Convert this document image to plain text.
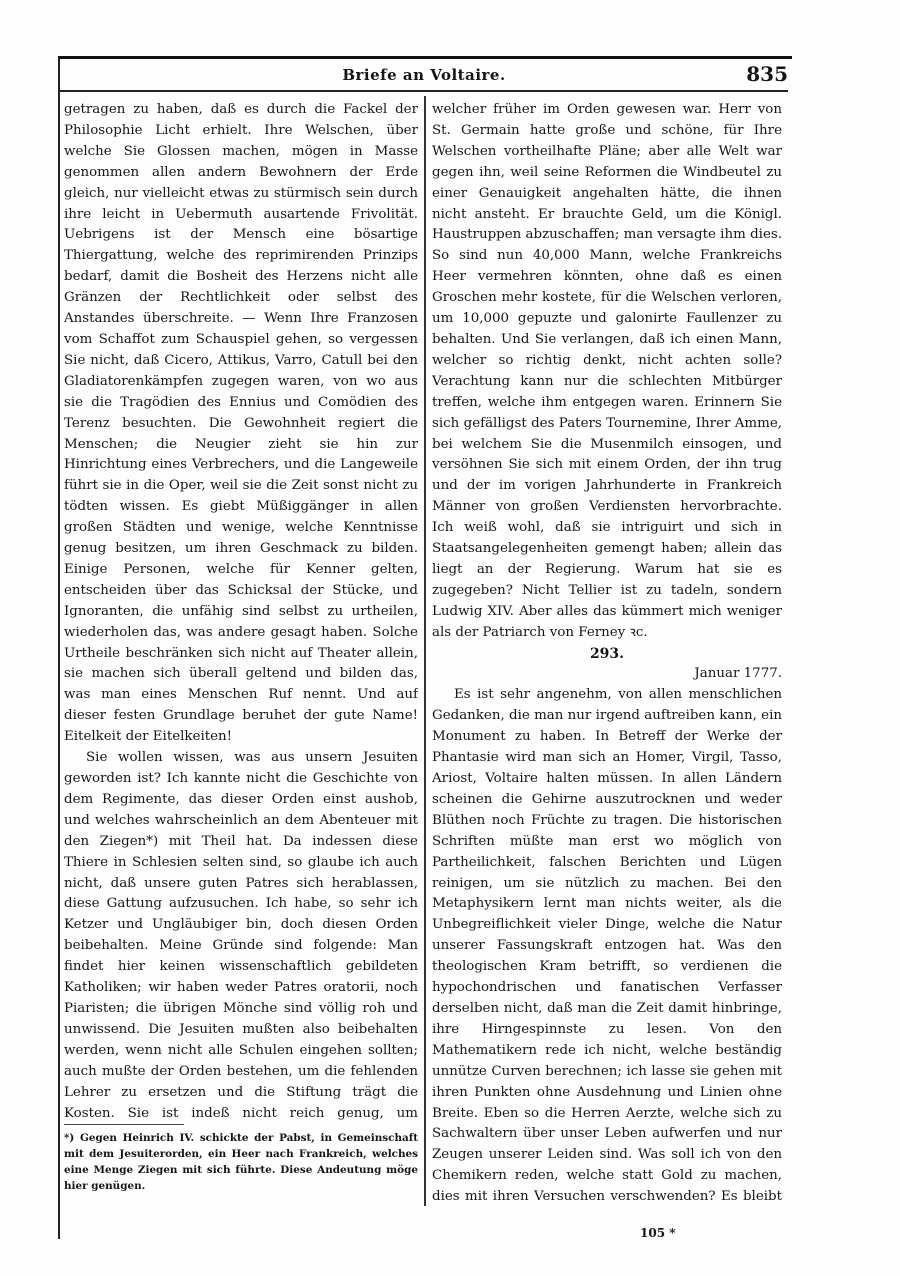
Briefe an Voltaire.	835

getragen zu haben, daß es durch die Fackel der Philosophie Licht erhielt. Ihre Welschen, über welche Sie Glossen machen, mögen in Masse genommen allen andern Bewohnern der Erde gleich, nur vielleicht etwas zu stürmisch sein durch ihre leicht in Uebermuth ausartende Frivolität. Uebrigens ist der Mensch eine bösartige Thiergattung, welche des reprimirenden Prinzips bedarf, damit die Bosheit des Herzens nicht alle Gränzen der Rechtlichkeit oder selbst des Anstandes überschreite. — Wenn Ihre Franzosen vom Schaffot zum Schauspiel gehen, so vergessen Sie nicht, daß Cicero, Attikus, Varro, Catull bei den Gladiatorenkämpfen zugegen waren, von wo aus sie die Tragödien des Ennius und Comödien des Terenz besuchten. Die Gewohnheit regiert die Menschen; die Neugier zieht sie hin zur Hinrichtung eines Verbrechers, und die Langeweile führt sie in die Oper, weil sie die Zeit sonst nicht zu tödten wissen. Es giebt Müßiggänger in allen großen Städten und wenige, welche Kenntnisse genug besitzen, um ihren Geschmack zu bilden. Einige Personen, welche für Kenner gelten, entscheiden über das Schicksal der Stücke, und Ignoranten, die unfähig sind selbst zu urtheilen, wiederholen das, was andere gesagt haben. Solche Urtheile beschränken sich nicht auf Theater allein, sie machen sich überall geltend und bilden das, was man eines Menschen Ruf nennt. Und auf dieser festen Grundlage beruhet der gute Name! Eitelkeit der Eitelkeiten!

Sie wollen wissen, was aus unsern Jesuiten geworden ist? Ich kannte nicht die Geschichte von dem Regimente, das dieser Orden einst aushob, und welches wahrscheinlich an dem Abenteuer mit den Ziegen*) mit Theil hat. Da indessen diese Thiere in Schlesien selten sind, so glaube ich auch nicht, daß unsere guten Patres sich herablassen, diese Gattung aufzusuchen. Ich habe, so sehr ich Ketzer und Ungläubiger bin, doch diesen Orden beibehalten. Meine Gründe sind folgende: Man findet hier keinen wissenschaftlich gebildeten Katholiken; wir haben weder Patres oratorii, noch Piaristen; die übrigen Mönche sind völlig roh und unwissend. Die Jesuiten mußten also beibehalten werden, wenn nicht alle Schulen eingehen sollten; auch mußte der Orden bestehen, um die fehlenden Lehrer zu ersetzen und die Stiftung trägt die Kosten. Sie ist indeß nicht reich genug, um

welcher früher im Orden gewesen war. Herr von St. Germain hatte große und schöne, für Ihre Welschen vortheilhafte Pläne; aber alle Welt war gegen ihn, weil seine Reformen die Windbeutel zu einer Genauigkeit angehalten hätte, die ihnen nicht ansteht. Er brauchte Geld, um die Königl. Haustruppen abzuschaffen; man versagte ihm dies. So sind nun 40,000 Mann, welche Frankreichs Heer vermehren könnten, ohne daß es einen Groschen mehr kostete, für die Welschen verloren, um 10,000 gepuzte und galonirte Faullenzer zu behalten. Und Sie verlangen, daß ich einen Mann, welcher so richtig denkt, nicht achten solle? Verachtung kann nur die schlechten Mitbürger treffen, welche ihm entgegen waren. Erinnern Sie sich gefälligst des Paters Tournemine, Ihrer Amme, bei welchem Sie die Musenmilch einsogen, und versöhnen Sie sich mit einem Orden, der ihn trug und der im vorigen Jahrhunderte in Frankreich Männer von großen Verdiensten hervorbrachte. Ich weiß wohl, daß sie intriguirt und sich in Staatsangelegenheiten gemengt haben; allein das liegt an der Regierung. Warum hat sie es zugegeben? Nicht Tellier ist zu tadeln, sondern Ludwig XIV. Aber alles das kümmert mich weniger als der Patriarch von Ferney ꝛc.

293.

Januar 1777.

Es ist sehr angenehm, von allen menschlichen Gedanken, die man nur irgend auftreiben kann, ein Monument zu haben. In Betreff der Werke der Phantasie wird man sich an Homer, Virgil, Tasso, Ariost, Voltaire halten müssen. In allen Ländern scheinen die Gehirne auszutrocknen und weder Blüthen noch Früchte zu tragen. Die historischen Schriften müßte man erst wo möglich von Partheilichkeit, falschen Berichten und Lügen reinigen, um sie nützlich zu machen. Bei den Metaphysikern lernt man nichts weiter, als die Unbegreiflichkeit vieler Dinge, welche die Natur unserer Fassungskraft entzogen hat. Was den theologischen Kram betrifft, so verdienen die hypochondrischen und fanatischen Verfasser derselben nicht, daß man die Zeit damit hinbringe, ihre Hirngespinnste zu lesen. Von den Mathematikern rede ich nicht, welche beständig unnütze Curven berechnen; ich lasse sie gehen mit ihren Punkten ohne Ausdehnung und Linien ohne Breite. Eben so die Herren Aerzte, welche sich zu Sachwaltern über unser Leben aufwerfen und nur Zeugen unserer Leiden sind. Was soll ich von den Chemikern reden, welche statt Gold zu machen, dies mit ihren Versuchen verschwenden? Es bleibt

*) Gegen Heinrich IV. schickte der Pabst, in Gemeinschaft mit dem Jesuiterorden, ein Heer nach Frankreich, welches eine Menge Ziegen mit sich führte. Diese Andeutung möge hier genügen.
105 *
